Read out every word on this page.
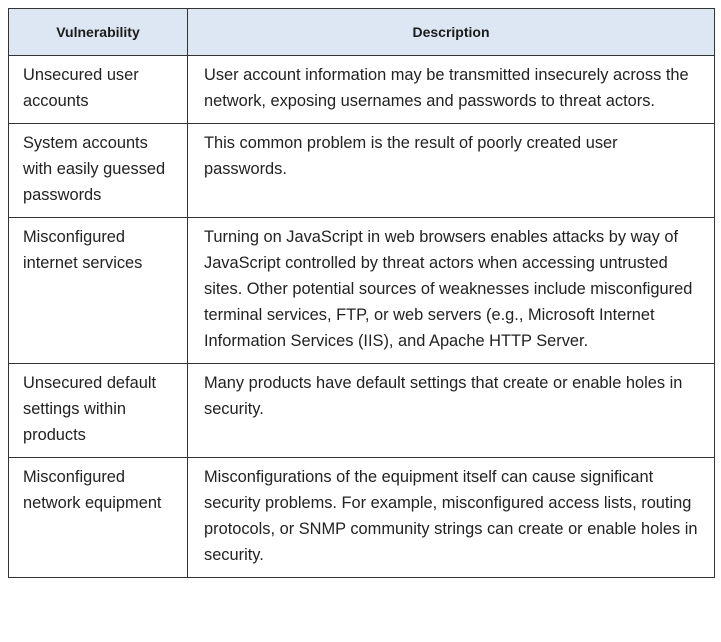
Vulnerability	Description
Unsecured user accounts	User account information may be transmitted insecurely across the network, exposing usernames and passwords to threat actors.
System accounts with easily guessed passwords	This common problem is the result of poorly created user passwords.
Misconfigured internet services	Turning on JavaScript in web browsers enables attacks by way of JavaScript controlled by threat actors when accessing untrusted sites. Other potential sources of weaknesses include misconfigured terminal services, FTP, or web servers (e.g., Microsoft Internet Information Services (IIS), and Apache HTTP Server.
Unsecured default settings within products	Many products have default settings that create or enable holes in security.
Misconfigured network equipment	Misconfigurations of the equipment itself can cause significant security problems. For example, misconfigured access lists, routing protocols, or SNMP community strings can create or enable holes in security.
